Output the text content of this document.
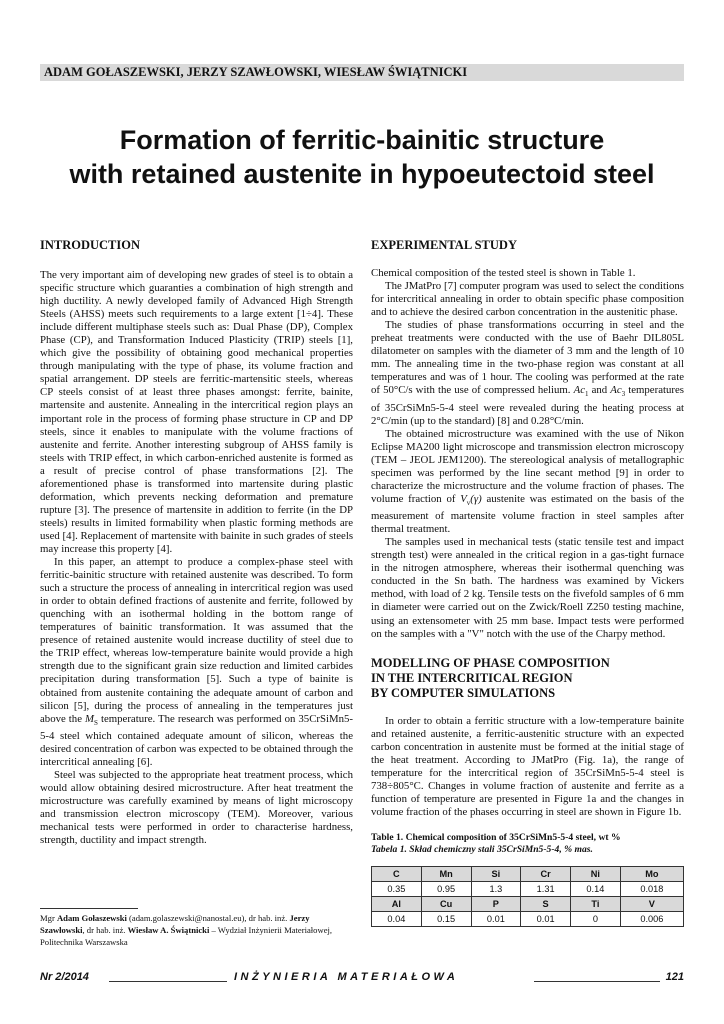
ADAM GOŁASZEWSKI, JERZY SZAWŁOWSKI, WIESŁAW ŚWIĄTNICKI
Formation of ferritic-bainitic structure
with retained austenite in hypoeutectoid steel
INTRODUCTION

The very important aim of developing new grades of steel is to obtain a specific structure which guaranties a combination of high strength and high ductility. A newly developed family of Advanced High Strength Steels (AHSS) meets such requirements to a large extent [1÷4]. These include different multiphase steels such as: Dual Phase (DP), Complex Phase (CP), and Transformation Induced Plasticity (TRIP) steels [1], which give the possibility of obtaining good mechanical properties through manipulating with the type of phase, its volume fraction and spatial arrangement. DP steels are ferritic-martensitic steels, whereas CP steels consist of at least three phases amongst: ferrite, bainite, martensite and austenite. Annealing in the intercritical region plays an important role in the process of forming phase structure in CP and DP steels, since it enables to manipulate with the volume fractions of austenite and ferrite. Another interesting subgroup of AHSS family is steels with TRIP effect, in which carbon-enriched austenite is formed as a result of precise control of phase transformations [2]. The aforementioned phase is transformed into martensite during plastic deformation, which prevents necking deformation and premature rupture [3]. The presence of martensite in addition to ferrite (in the DP steels) results in limited formability when plastic forming methods are used [4]. Replacement of martensite with bainite in such grades of steels may increase this property [4].

In this paper, an attempt to produce a complex-phase steel with ferritic-bainitic structure with retained austenite was described. To form such a structure the process of annealing in intercritical region was used in order to obtain defined fractions of austenite and ferrite, followed by quenching with an isothermal holding in the bottom range of temperatures of bainitic transformation. It was assumed that the presence of retained austenite would increase ductility of steel due to the TRIP effect, whereas low-temperature bainite would provide a high strength due to the significant grain size reduction and limited carbides precipitation during transformation [5]. Such a type of bainite is obtained from austenite containing the adequate amount of carbon and silicon [5], during the process of annealing in the temperatures just above the $M_S$ temperature. The research was performed on 35CrSiMn5-5-4 steel which contained adequate amount of silicon, whereas the desired concentration of carbon was expected to be obtained through the intercritical annealing [6].

Steel was subjected to the appropriate heat treatment process, which would allow obtaining desired microstructure. After heat treatment the microstructure was carefully examined by means of light microscopy and transmission electron microscopy (TEM). Moreover, various mechanical tests were performed in order to characterise hardness, strength, ductility and impact strength.

Mgr Adam Gołaszewski (adam.golaszewski@nanostal.eu), dr hab. inż. Jerzy Szawłowski, dr hab. inż. Wiesław A. Świątnicki – Wydział Inżynierii Materiałowej, Politechnika Warszawska
EXPERIMENTAL STUDY

Chemical composition of the tested steel is shown in Table 1.

The JMatPro [7] computer program was used to select the conditions for intercritical annealing in order to obtain specific phase composition and to achieve the desired carbon concentration in the austenitic phase.

The studies of phase transformations occurring in steel and the preheat treatments were conducted with the use of Baehr DIL805L dilatometer on samples with the diameter of 3 mm and the length of 10 mm. The annealing time in the two-phase region was constant at all temperatures and was of 1 hour. The cooling was performed at the rate of 50°C/s with the use of compressed helium. $Ac_1$ and $Ac_3$ temperatures of 35CrSiMn5-5-4 steel were revealed during the heating process at 2°C/min (up to the standard) [8] and 0.28°C/min.

The obtained microstructure was examined with the use of Nikon Eclipse MA200 light microscope and transmission electron microscopy (TEM – JEOL JEM1200). The stereological analysis of metallographic specimen was performed by the line secant method [9] in order to characterize the microstructure and the volume fraction of phases. The volume fraction of $V_v(\gamma)$ austenite was estimated on the basis of the measurement of martensite volume fraction in steel samples after thermal treatment.

The samples used in mechanical tests (static tensile test and impact strength test) were annealed in the critical region in a gas-tight furnace in the nitrogen atmosphere, whereas their isothermal quenching was conducted in the Sn bath. The hardness was examined by Vickers method, with load of 2 kg. Tensile tests on the fivefold samples of 6 mm in diameter were carried out on the Zwick/Roell Z250 testing machine, using an extensometer with 25 mm base. Impact tests were performed on the samples with a "V" notch with the use of the Charpy method.

MODELLING OF PHASE COMPOSITION
IN THE INTERCRITICAL REGION
BY COMPUTER SIMULATIONS

In order to obtain a ferritic structure with a low-temperature bainite and retained austenite, a ferritic-austenitic structure with an expected carbon concentration in austenite must be formed at the initial stage of the heat treatment. According to JMatPro (Fig. 1a), the range of temperature for the intercritical region of 35CrSiMn5-5-4 steel is 738÷805°C. Changes in volume fraction of austenite and ferrite as a function of temperature are presented in Figure 1a and the changes in volume fraction of the phases occurring in steel are shown in Figure 1b.

Table 1. Chemical composition of 35CrSiMn5-5-4 steel, wt %
Tabela 1. Skład chemiczny stali 35CrSiMn5-5-4, % mas.
C	Mn	Si	Cr	Ni	Mo
0.35	0.95	1.3	1.31	0.14	0.018
Al	Cu	P	S	Ti	V
0.04	0.15	0.01	0.01	0	0.006
Nr 2/2014	INŻYNIERIA MATERIAŁOWA	121
